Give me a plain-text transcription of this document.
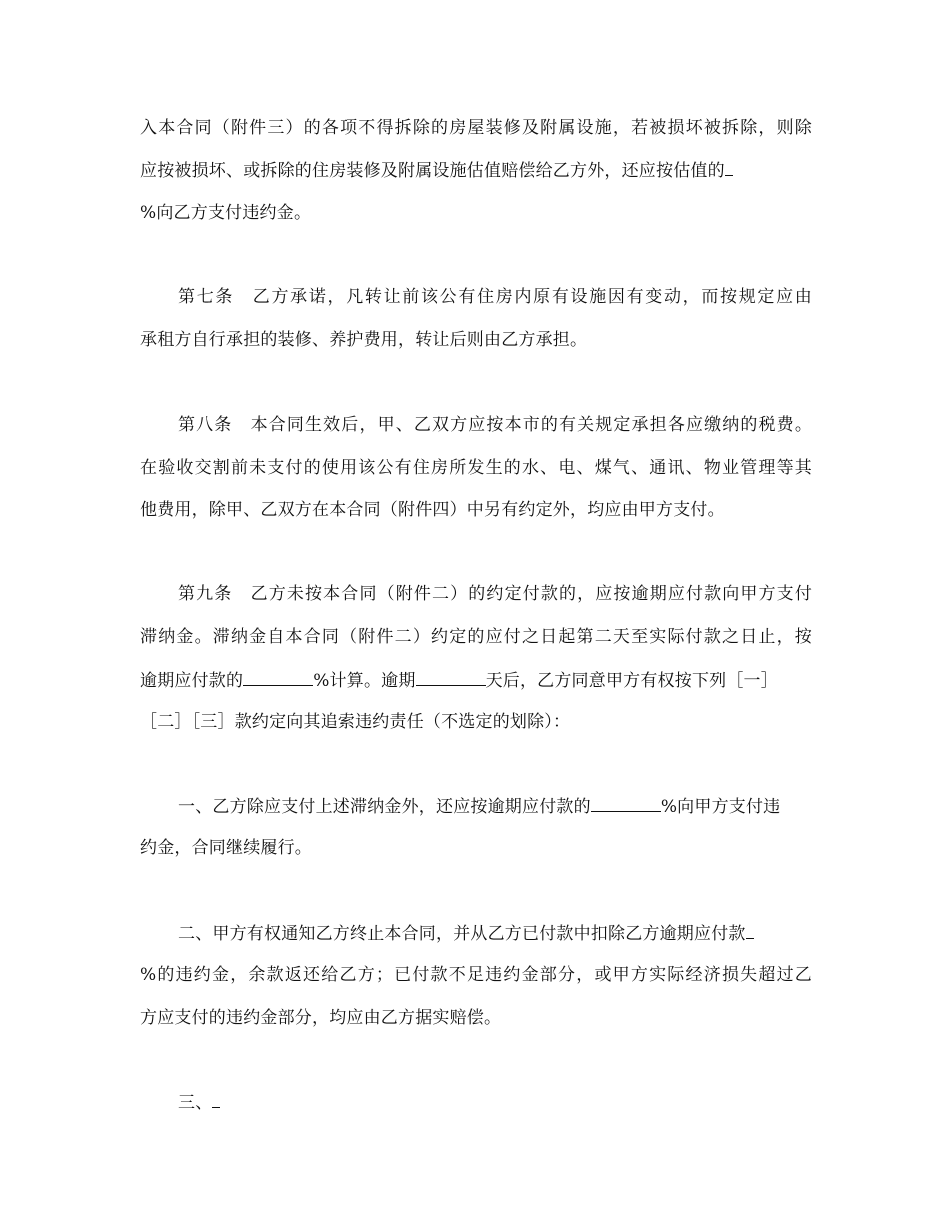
入本合同（附件三）的各项不得拆除的房屋装修及附属设施，若被损坏被拆除，则除
应按被损坏、或拆除的住房装修及附属设施估值赔偿给乙方外，还应按估值的
%向乙方支付违约金。
第七条　 乙方承诺，凡转让前该公有住房内原有设施因有变动，而按规定应由
承租方自行承担的装修、养护费用，转让后则由乙方承担。
第八条　 本合同生效后，甲、乙双方应按本市的有关规定承担各应缴纳的税费。
在验收交割前未支付的使用该公有住房所发生的水、电、煤气、通讯、物业管理等其
他费用，除甲、乙双方在本合同（附件四）中另有约定外，均应由甲方支付。
第九条　 乙方未按本合同（附件二）的约定付款的，应按逾期应付款向甲方支付
滞纳金。滞纳金自本合同（附件二）约定的应付之日起第二天至实际付款之日止，按
逾期应付款的	%计算。逾期	天后，乙方同意甲方有权按下列［一］
［二］［三］款约定向其追索违约责任（不选定的划除）：
一、乙方除应支付上述滞纳金外，还应按逾期应付款的	%向甲方支付违
约金，合同继续履行。
二、甲方有权通知乙方终止本合同，并从乙方已付款中扣除乙方逾期应付款
%的违约金，余款返还给乙方；已付款不足违约金部分，或甲方实际经济损失超过乙
方应支付的违约金部分，均应由乙方据实赔偿。
三、
